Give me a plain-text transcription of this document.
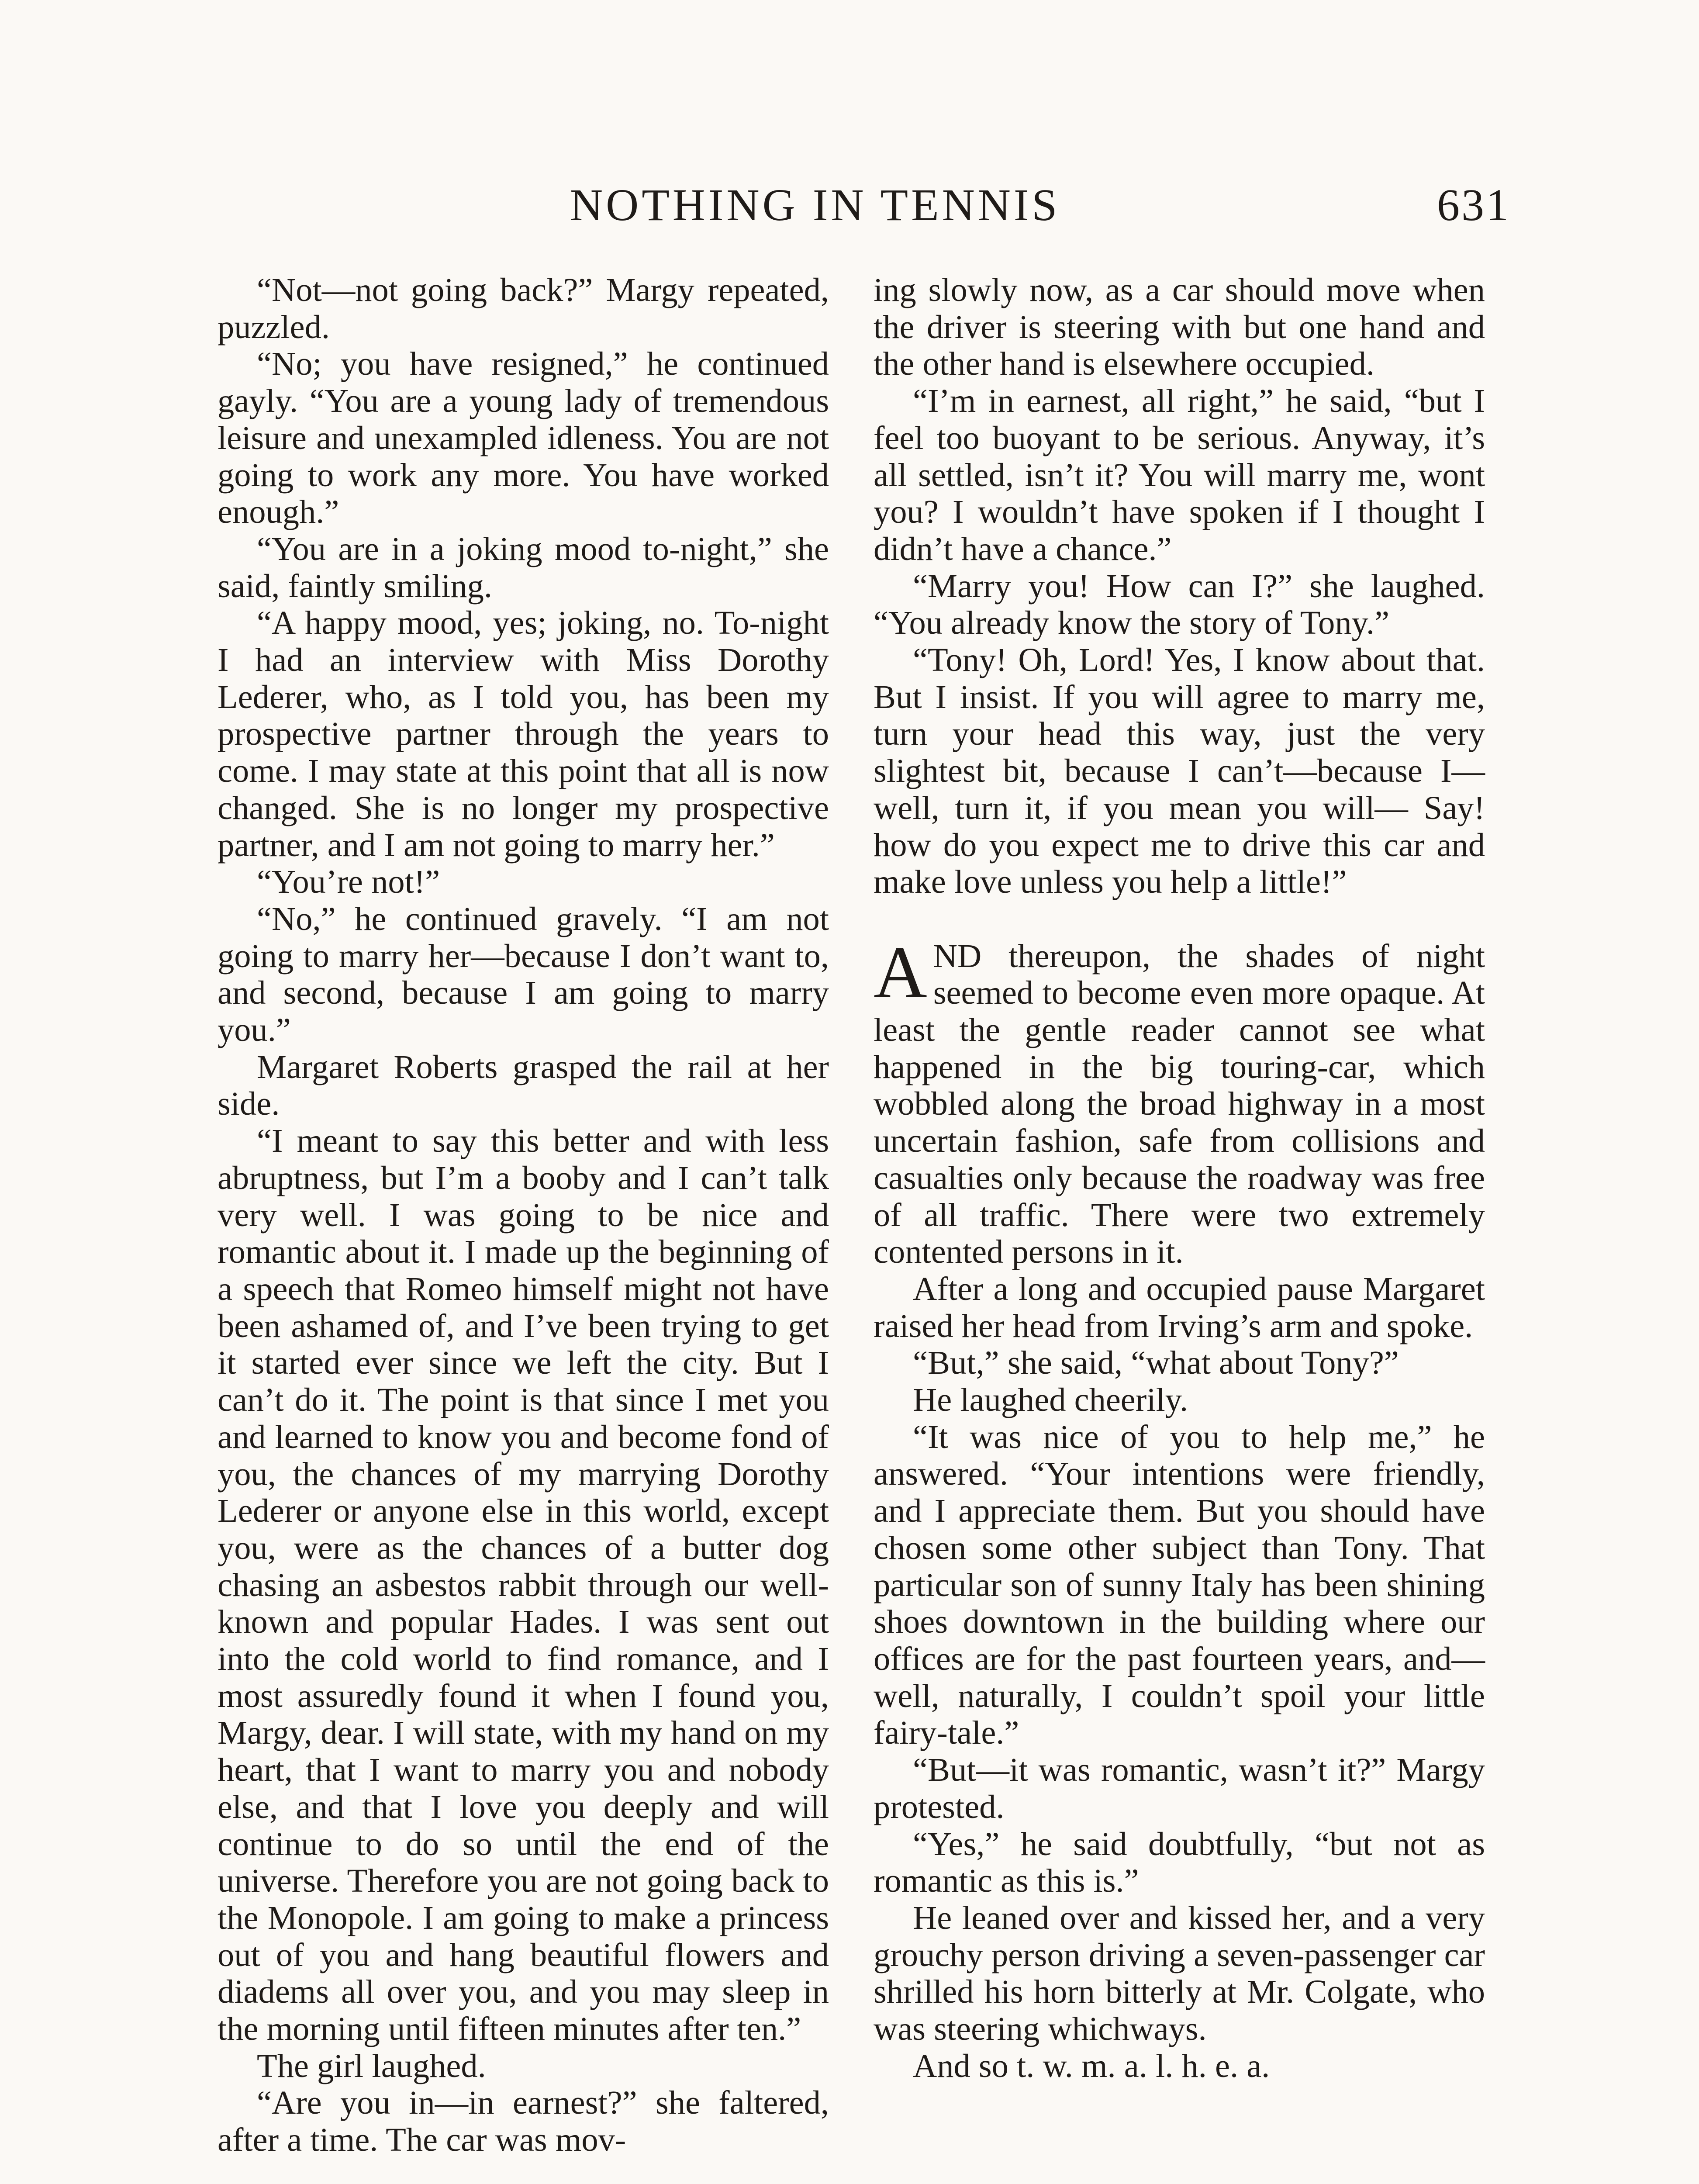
NOTHING IN TENNIS	631

“Not—not going back?” Margy repeated, puzzled.

“No; you have resigned,” he continued gayly. “You are a young lady of tremendous leisure and unexampled idleness. You are not going to work any more. You have worked enough.”

“You are in a joking mood to-night,” she said, faintly smiling.

“A happy mood, yes; joking, no. To-night I had an interview with Miss Dorothy Lederer, who, as I told you, has been my prospective partner through the years to come. I may state at this point that all is now changed. She is no longer my prospective partner, and I am not going to marry her.”

“You’re not!”

“No,” he continued gravely. “I am not going to marry her—because I don’t want to, and second, because I am going to marry you.”

Margaret Roberts grasped the rail at her side.

“I meant to say this better and with less abruptness, but I’m a booby and I can’t talk very well. I was going to be nice and romantic about it. I made up the beginning of a speech that Romeo himself might not have been ashamed of, and I’ve been trying to get it started ever since we left the city. But I can’t do it. The point is that since I met you and learned to know you and become fond of you, the chances of my marrying Dorothy Lederer or anyone else in this world, except you, were as the chances of a butter dog chasing an asbestos rabbit through our well-known and popular Hades. I was sent out into the cold world to find romance, and I most assuredly found it when I found you, Margy, dear. I will state, with my hand on my heart, that I want to marry you and nobody else, and that I love you deeply and will continue to do so until the end of the universe. Therefore you are not going back to the Monopole. I am going to make a princess out of you and hang beautiful flowers and diadems all over you, and you may sleep in the morning until fifteen minutes after ten.”

The girl laughed.

“Are you in—in earnest?” she faltered, after a time. The car was mov-

ing slowly now, as a car should move when the driver is steering with but one hand and the other hand is elsewhere occupied.

“I’m in earnest, all right,” he said, “but I feel too buoyant to be serious. Anyway, it’s all settled, isn’t it? You will marry me, wont you? I wouldn’t have spoken if I thought I didn’t have a chance.”

“Marry you! How can I?” she laughed. “You already know the story of Tony.”

“Tony! Oh, Lord! Yes, I know about that. But I insist. If you will agree to marry me, turn your head this way, just the very slightest bit, because I can’t—because I—well, turn it, if you mean you will— Say! how do you expect me to drive this car and make love unless you help a little!”

AND thereupon, the shades of night seemed to become even more opaque. At least the gentle reader cannot see what happened in the big touring-car, which wobbled along the broad highway in a most uncertain fashion, safe from collisions and casualties only because the roadway was free of all traffic. There were two extremely contented persons in it.

After a long and occupied pause Margaret raised her head from Irving’s arm and spoke.

“But,” she said, “what about Tony?”

He laughed cheerily.

“It was nice of you to help me,” he answered. “Your intentions were friendly, and I appreciate them. But you should have chosen some other subject than Tony. That particular son of sunny Italy has been shining shoes downtown in the building where our offices are for the past fourteen years, and—well, naturally, I couldn’t spoil your little fairy-tale.”

“But—it was romantic, wasn’t it?” Margy protested.

“Yes,” he said doubtfully, “but not as romantic as this is.”

He leaned over and kissed her, and a very grouchy person driving a seven-passenger car shrilled his horn bitterly at Mr. Colgate, who was steering whichways.

And so t. w. m. a. l. h. e. a.
